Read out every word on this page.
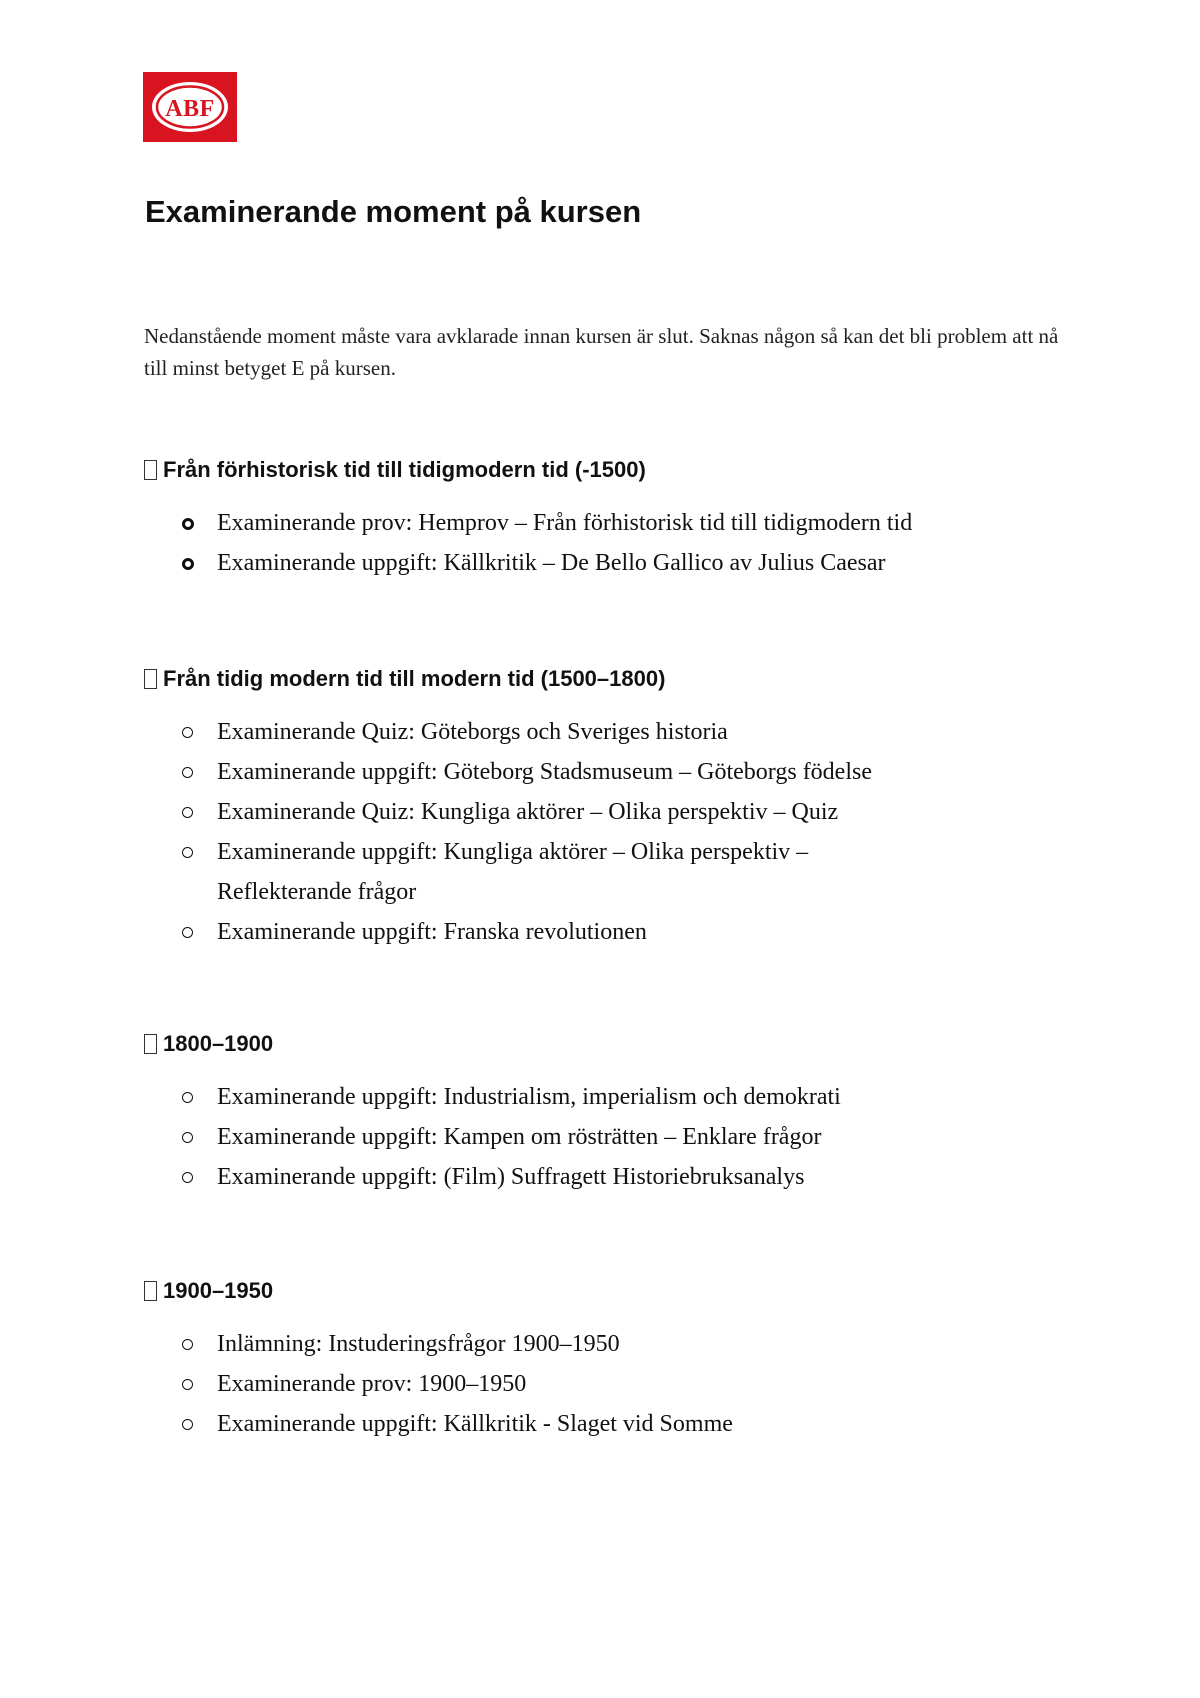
ABF
Examinerande moment på kursen

Nedanstående moment måste vara avklarade innan kursen är slut. Saknas någon så kan det bli problem att nå till minst betyget E på kursen.

Från förhistorisk tid till tidigmodern tid (-1500)
Examinerande prov: Hemprov – Från förhistorisk tid till tidigmodern tid
Examinerande uppgift: Källkritik – De Bello Gallico av Julius Caesar
Från tidig modern tid till modern tid (1500–1800)
Examinerande Quiz: Göteborgs och Sveriges historia
Examinerande uppgift: Göteborg Stadsmuseum – Göteborgs födelse
Examinerande Quiz: Kungliga aktörer – Olika perspektiv – Quiz
Examinerande uppgift: Kungliga aktörer – Olika perspektiv – Reflekterande frågor
Examinerande uppgift: Franska revolutionen
1800–1900
Examinerande uppgift: Industrialism, imperialism och demokrati
Examinerande uppgift: Kampen om rösträtten – Enklare frågor
Examinerande uppgift: (Film) Suffragett Historiebruksanalys
1900–1950
Inlämning: Instuderingsfrågor 1900–1950
Examinerande prov: 1900–1950
Examinerande uppgift: Källkritik - Slaget vid Somme
